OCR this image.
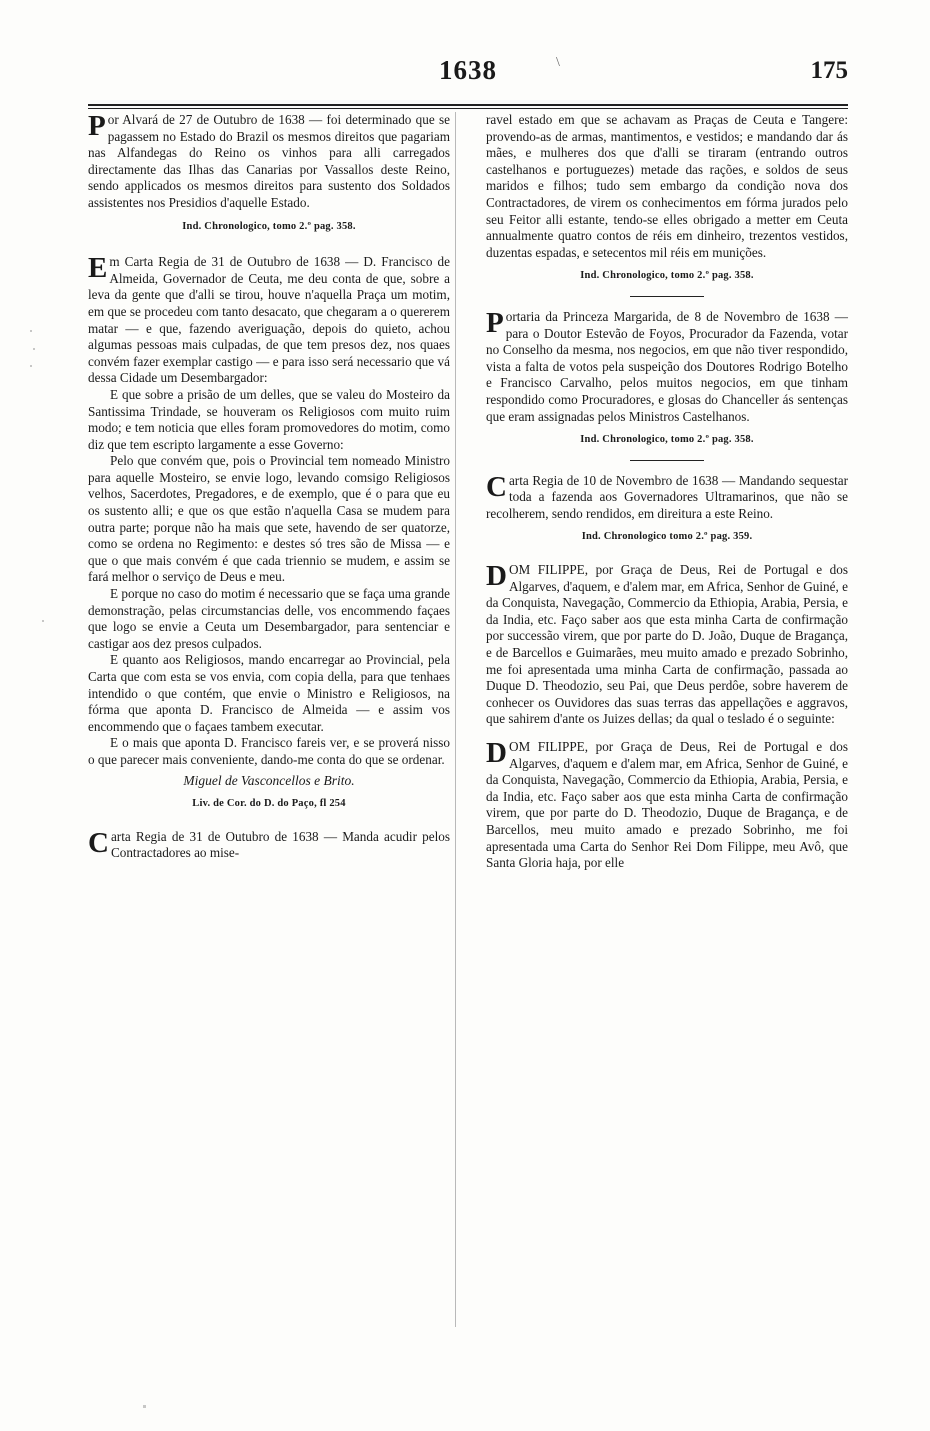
1638	\	175

Por Alvará de 27 de Outubro de 1638 — foi determinado que se pagassem no Estado do Brazil os mesmos direitos que pagariam nas Alfandegas do Reino os vinhos para alli carregados directamente das Ilhas das Canarias por Vassallos deste Reino, sendo applicados os mesmos direitos para sustento dos Soldados assistentes nos Presidios d'aquelle Estado.

Ind. Chronologico, tomo 2.º pag. 358.

Em Carta Regia de 31 de Outubro de 1638 — D. Francisco de Almeida, Governador de Ceuta, me deu conta de que, sobre a leva da gente que d'alli se tirou, houve n'aquella Praça um motim, em que se procedeu com tanto desacato, que chegaram a o quererem matar — e que, fazendo averiguação, depois do quieto, achou algumas pessoas mais culpadas, de que tem presos dez, nos quaes convém fazer exemplar castigo — e para isso será necessario que vá dessa Cidade um Desembargador:

E que sobre a prisão de um delles, que se valeu do Mosteiro da Santissima Trindade, se houveram os Religiosos com muito ruim modo; e tem noticia que elles foram promovedores do motim, como diz que tem escripto largamente a esse Governo:

Pelo que convém que, pois o Provincial tem nomeado Ministro para aquelle Mosteiro, se envie logo, levando comsigo Religiosos velhos, Sacerdotes, Pregadores, e de exemplo, que é o para que eu os sustento alli; e que os que estão n'aquella Casa se mudem para outra parte; porque não ha mais que sete, havendo de ser quatorze, como se ordena no Regimento: e destes só tres são de Missa — e que o que mais convém é que cada triennio se mudem, e assim se fará melhor o serviço de Deus e meu.

E porque no caso do motim é necessario que se faça uma grande demonstração, pelas circumstancias delle, vos encommendo façaes que logo se envie a Ceuta um Desembargador, para sentenciar e castigar aos dez presos culpados.

E quanto aos Religiosos, mando encarregar ao Provincial, pela Carta que com esta se vos envia, com copia della, para que tenhaes intendido o que contém, que envie o Ministro e Religiosos, na fórma que aponta D. Francisco de Almeida — e assim vos encommendo que o façaes tambem executar.

E o mais que aponta D. Francisco fareis ver, e se proverá nisso o que parecer mais conveniente, dando-me conta do que se ordenar.

Miguel de Vasconcellos e Brito.

Liv. de Cor. do D. do Paço, fl 254

Carta Regia de 31 de Outubro de 1638 — Manda acudir pelos Contractadores ao mise-

ravel estado em que se achavam as Praças de Ceuta e Tangere: provendo-as de armas, mantimentos, e vestidos; e mandando dar ás mães, e mulheres dos que d'alli se tiraram (entrando outros castelhanos e portuguezes) metade das rações, e soldos de seus maridos e filhos; tudo sem embargo da condição nova dos Contractadores, de virem os conhecimentos em fórma jurados pelo seu Feitor alli estante, tendo-se elles obrigado a metter em Ceuta annualmente quatro contos de réis em dinheiro, trezentos vestidos, duzentas espadas, e setecentos mil réis em munições.

Ind. Chronologico, tomo 2.º pag. 358.

Portaria da Princeza Margarida, de 8 de Novembro de 1638 — para o Doutor Estevão de Foyos, Procurador da Fazenda, votar no Conselho da mesma, nos negocios, em que não tiver respondido, vista a falta de votos pela suspeição dos Doutores Rodrigo Botelho e Francisco Carvalho, pelos muitos negocios, em que tinham respondido como Procuradores, e glosas do Chanceller ás sentenças que eram assignadas pelos Ministros Castelhanos.

Ind. Chronologico, tomo 2.º pag. 358.

Carta Regia de 10 de Novembro de 1638 — Mandando sequestar toda a fazenda aos Governadores Ultramarinos, que não se recolherem, sendo rendidos, em direitura a este Reino.

Ind. Chronologico tomo 2.º pag. 359.

DOM FILIPPE, por Graça de Deus, Rei de Portugal e dos Algarves, d'aquem, e d'alem mar, em Africa, Senhor de Guiné, e da Conquista, Navegação, Commercio da Ethiopia, Arabia, Persia, e da India, etc. Faço saber aos que esta minha Carta de confirmação por successão virem, que por parte do D. João, Duque de Bragança, e de Barcellos e Guimarães, meu muito amado e prezado Sobrinho, me foi apresentada uma minha Carta de confirmação, passada ao Duque D. Theodozio, seu Pai, que Deus perdôe, sobre haverem de conhecer os Ouvidores das suas terras das appellações e aggravos, que sahirem d'ante os Juizes dellas; da qual o teslado é o seguinte:

DOM FILIPPE, por Graça de Deus, Rei de Portugal e dos Algarves, d'aquem e d'alem mar, em Africa, Senhor de Guiné, e da Conquista, Navegação, Commercio da Ethiopia, Arabia, Persia, e da India, etc. Faço saber aos que esta minha Carta de confirmação virem, que por parte do D. Theodozio, Duque de Bragança, e de Barcellos, meu muito amado e prezado Sobrinho, me foi apresentada uma Carta do Senhor Rei Dom Filippe, meu Avô, que Santa Gloria haja, por elle
